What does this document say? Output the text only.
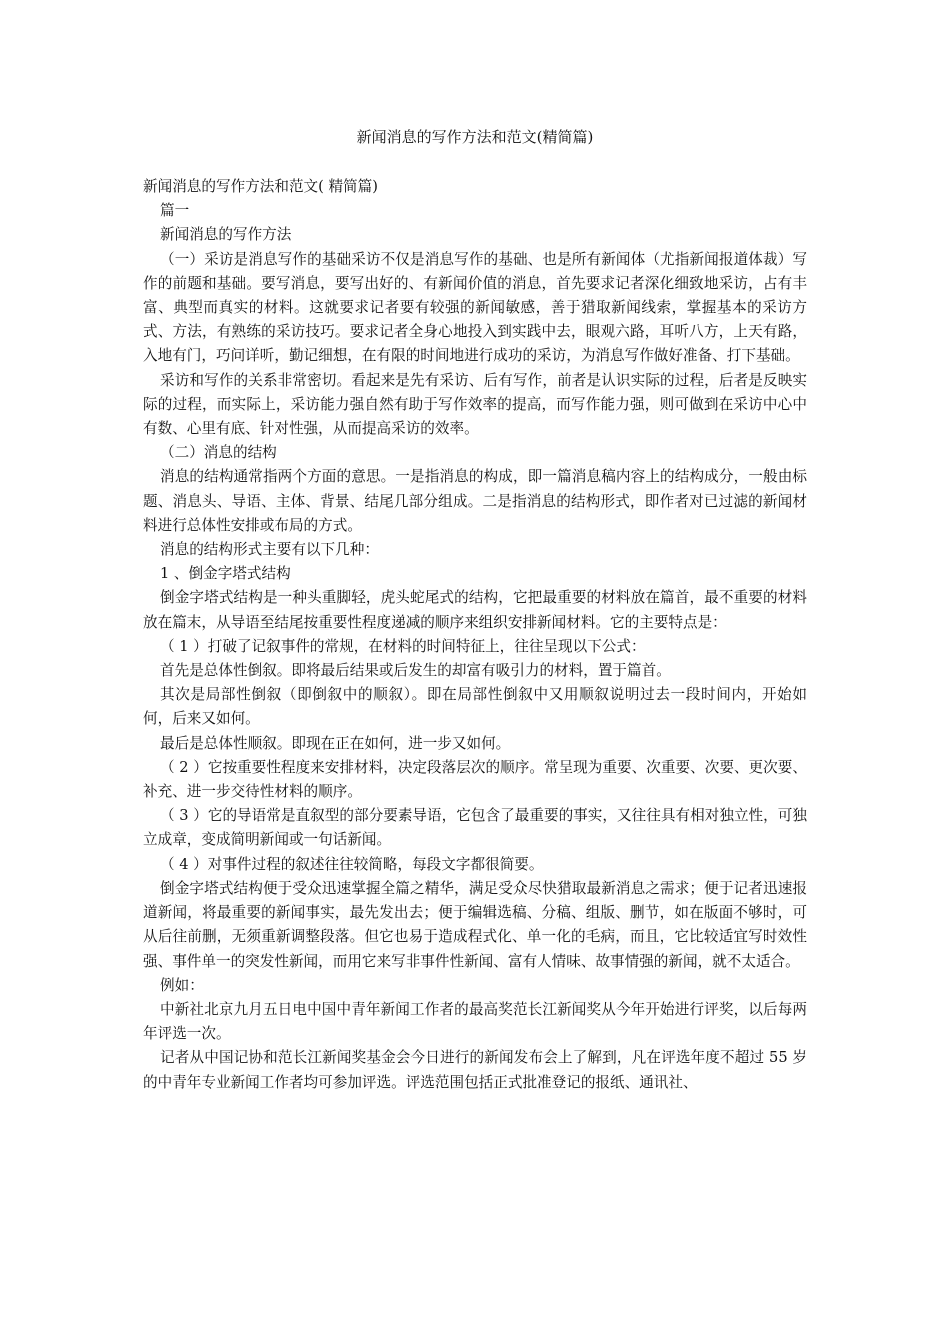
新闻消息的写作方法和范文(精简篇)

新闻消息的写作方法和范文( 精简篇)

篇一

新闻消息的写作方法

（一）采访是消息写作的基础采访不仅是消息写作的基础、也是所有新闻体（尤指新闻报道体裁）写作的前题和基础。要写消息，要写出好的、有新闻价值的消息，首先要求记者深化细致地采访，占有丰富、典型而真实的材料。这就要求记者要有较强的新闻敏感，善于猎取新闻线索，掌握基本的采访方式、方法，有熟练的采访技巧。要求记者全身心地投入到实践中去，眼观六路，耳听八方，上天有路，入地有门，巧问详听，勤记细想，在有限的时间地进行成功的采访，为消息写作做好准备、打下基础。

采访和写作的关系非常密切。看起来是先有采访、后有写作，前者是认识实际的过程，后者是反映实际的过程，而实际上，采访能力强自然有助于写作效率的提高，而写作能力强，则可做到在采访中心中有数、心里有底、针对性强，从而提高采访的效率。

（二）消息的结构

消息的结构通常指两个方面的意思。一是指消息的构成，即一篇消息稿内容上的结构成分，一般由标题、消息头、导语、主体、背景、结尾几部分组成。二是指消息的结构形式，即作者对已过滤的新闻材料进行总体性安排或布局的方式。

消息的结构形式主要有以下几种：

1 、倒金字塔式结构

倒金字塔式结构是一种头重脚轻，虎头蛇尾式的结构，它把最重要的材料放在篇首，最不重要的材料放在篇末，从导语至结尾按重要性程度递减的顺序来组织安排新闻材料。它的主要特点是：

（ 1 ）打破了记叙事件的常规，在材料的时间特征上，往往呈现以下公式：

首先是总体性倒叙。即将最后结果或后发生的却富有吸引力的材料，置于篇首。

其次是局部性倒叙（即倒叙中的顺叙）。即在局部性倒叙中又用顺叙说明过去一段时间内，开始如何，后来又如何。

最后是总体性顺叙。即现在正在如何，进一步又如何。

（ 2 ）它按重要性程度来安排材料，决定段落层次的顺序。常呈现为重要、次重要、次要、更次要、补充、进一步交待性材料的顺序。

（ 3 ）它的导语常是直叙型的部分要素导语，它包含了最重要的事实，又往往具有相对独立性，可独立成章，变成简明新闻或一句话新闻。

（ 4 ）对事件过程的叙述往往较简略，每段文字都很简要。

倒金字塔式结构便于受众迅速掌握全篇之精华，满足受众尽快猎取最新消息之需求；便于记者迅速报道新闻，将最重要的新闻事实，最先发出去；便于编辑选稿、分稿、组版、删节，如在版面不够时，可从后往前删，无须重新调整段落。但它也易于造成程式化、单一化的毛病，而且，它比较适宜写时效性强、事件单一的突发性新闻，而用它来写非事件性新闻、富有人情味、故事情强的新闻，就不太适合。

例如：

中新社北京九月五日电中国中青年新闻工作者的最高奖范长江新闻奖从今年开始进行评奖，以后每两年评选一次。

记者从中国记协和范长江新闻奖基金会今日进行的新闻发布会上了解到，凡在评选年度不超过 55 岁的中青年专业新闻工作者均可参加评选。评选范围包括正式批准登记的报纸、通讯社、
